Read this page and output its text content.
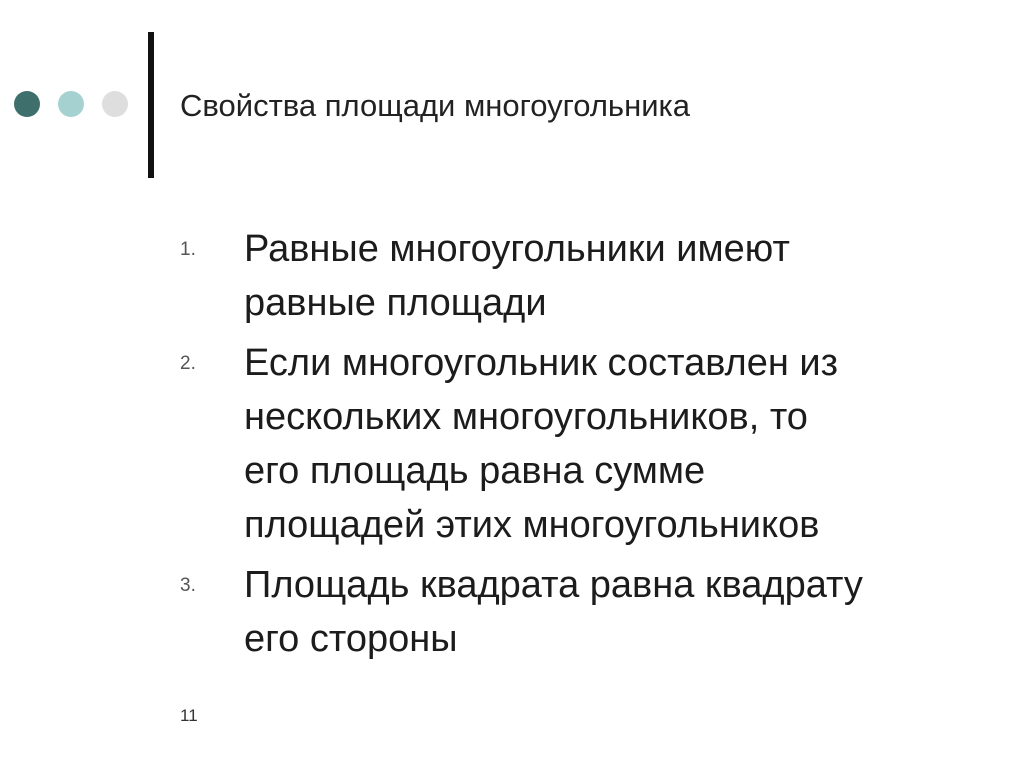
Свойства площади многоугольника
1.	Равные многоугольники имеют
равные площади
2.	Если многоугольник составлен из
нескольких многоугольников, то
его площадь равна сумме
площадей этих многоугольников
3.	Площадь квадрата равна квадрату
его стороны
11
